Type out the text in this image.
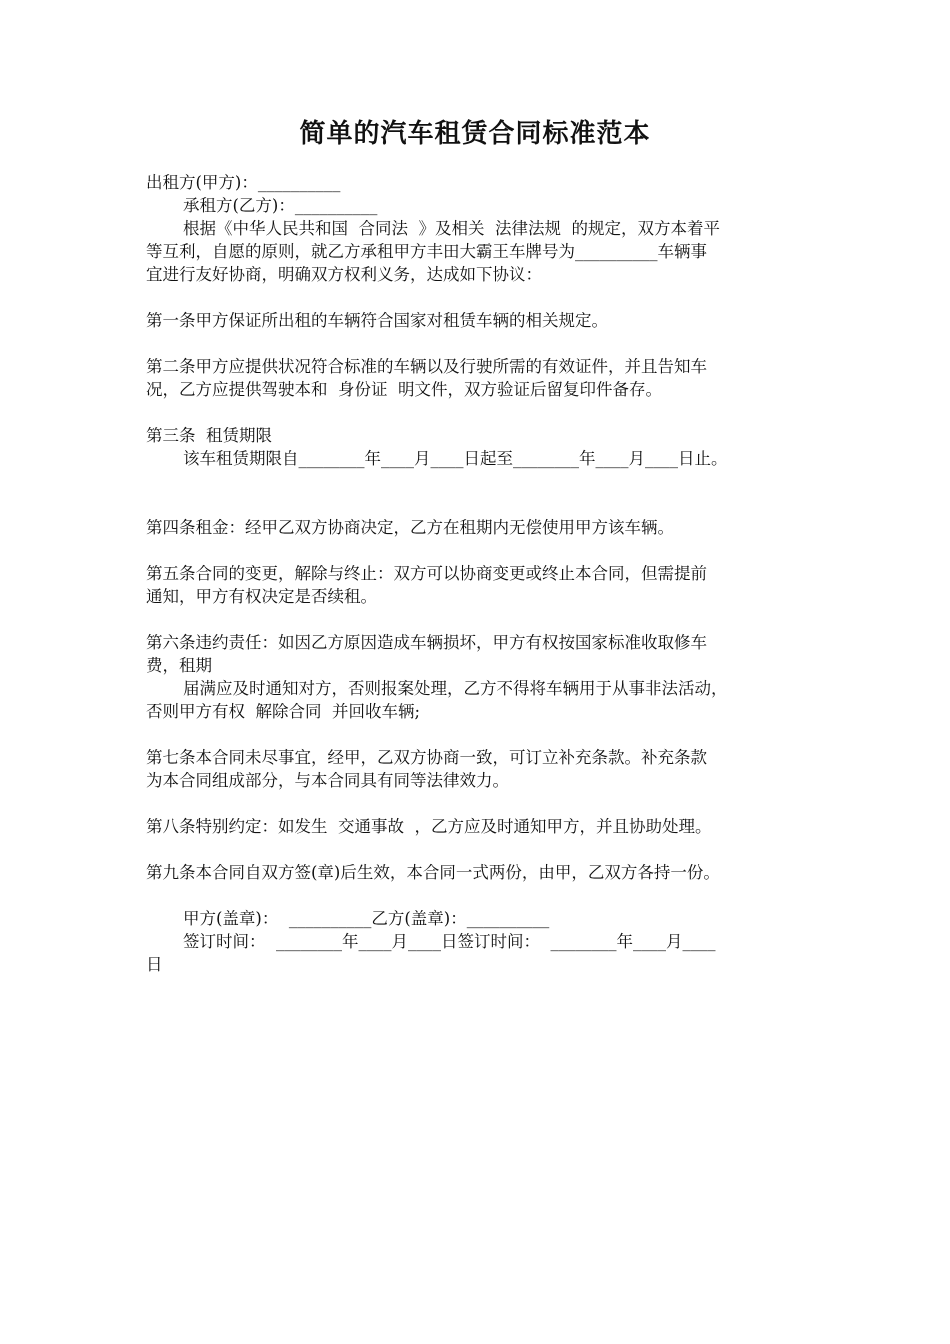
简单的汽车租赁合同标准范本

出租方(甲方)：__________

承租方(乙方)：__________

根据《中华人民共和国  合同法  》及相关  法律法规  的规定，双方本着平

等互利，自愿的原则，就乙方承租甲方丰田大霸王车牌号为__________车辆事

宜进行友好协商，明确双方权利义务，达成如下协议：

第一条甲方保证所出租的车辆符合国家对租赁车辆的相关规定。

第二条甲方应提供状况符合标准的车辆以及行驶所需的有效证件，并且告知车

况，乙方应提供驾驶本和  身份证  明文件，双方验证后留复印件备存。

第三条  租赁期限

该车租赁期限自________年____月____日起至________年____月____日止。

第四条租金：经甲乙双方协商决定，乙方在租期内无偿使用甲方该车辆。

第五条合同的变更，解除与终止：双方可以协商变更或终止本合同，但需提前

通知，甲方有权决定是否续租。

第六条违约责任：如因乙方原因造成车辆损坏，甲方有权按国家标准收取修车

费，租期

届满应及时通知对方，否则报案处理，乙方不得将车辆用于从事非法活动，

否则甲方有权  解除合同  并回收车辆;

第七条本合同未尽事宜，经甲，乙双方协商一致，可订立补充条款。补充条款

为本合同组成部分，与本合同具有同等法律效力。

第八条特别约定：如发生  交通事故  ，乙方应及时通知甲方，并且协助处理。

第九条本合同自双方签(章)后生效，本合同一式两份，由甲，乙双方各持一份。

甲方(盖章)：  __________乙方(盖章)：__________

签订时间：  ________年____月____日签订时间：  ________年____月____

日
